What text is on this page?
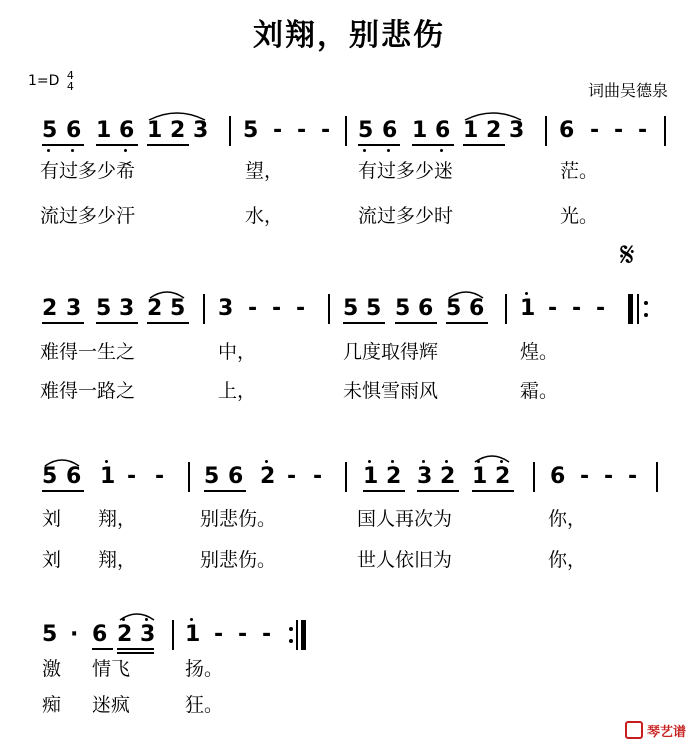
刘翔，别悲伤
1=D 4
4	词曲吴德泉
5 6 1 6 1 2 3 5 - - - 5 6 1 6 1 2 3 6 - - -
有过多少希	望，	有过多少迷	茫。
流过多少汗	水，	流过多少时	光。
𝄋
2 3 5 3 2 5 3 - - - 5 5 5 6 5 6 1 - - -
难得一生之	中，	几度取得辉	煌。
难得一路之	上，	未惧雪雨风	霜。
5 6 1 - - 5 6 2 - - 1 2 3 2 1 2 6 - - -
刘 翔，	别悲伤。	国人再次为	你，
刘 翔，	别悲伤。	世人依旧为	你，
5 · 6 2 3 1 - - -
激 情飞	扬。
痴 迷疯	狂。
琴艺谱
